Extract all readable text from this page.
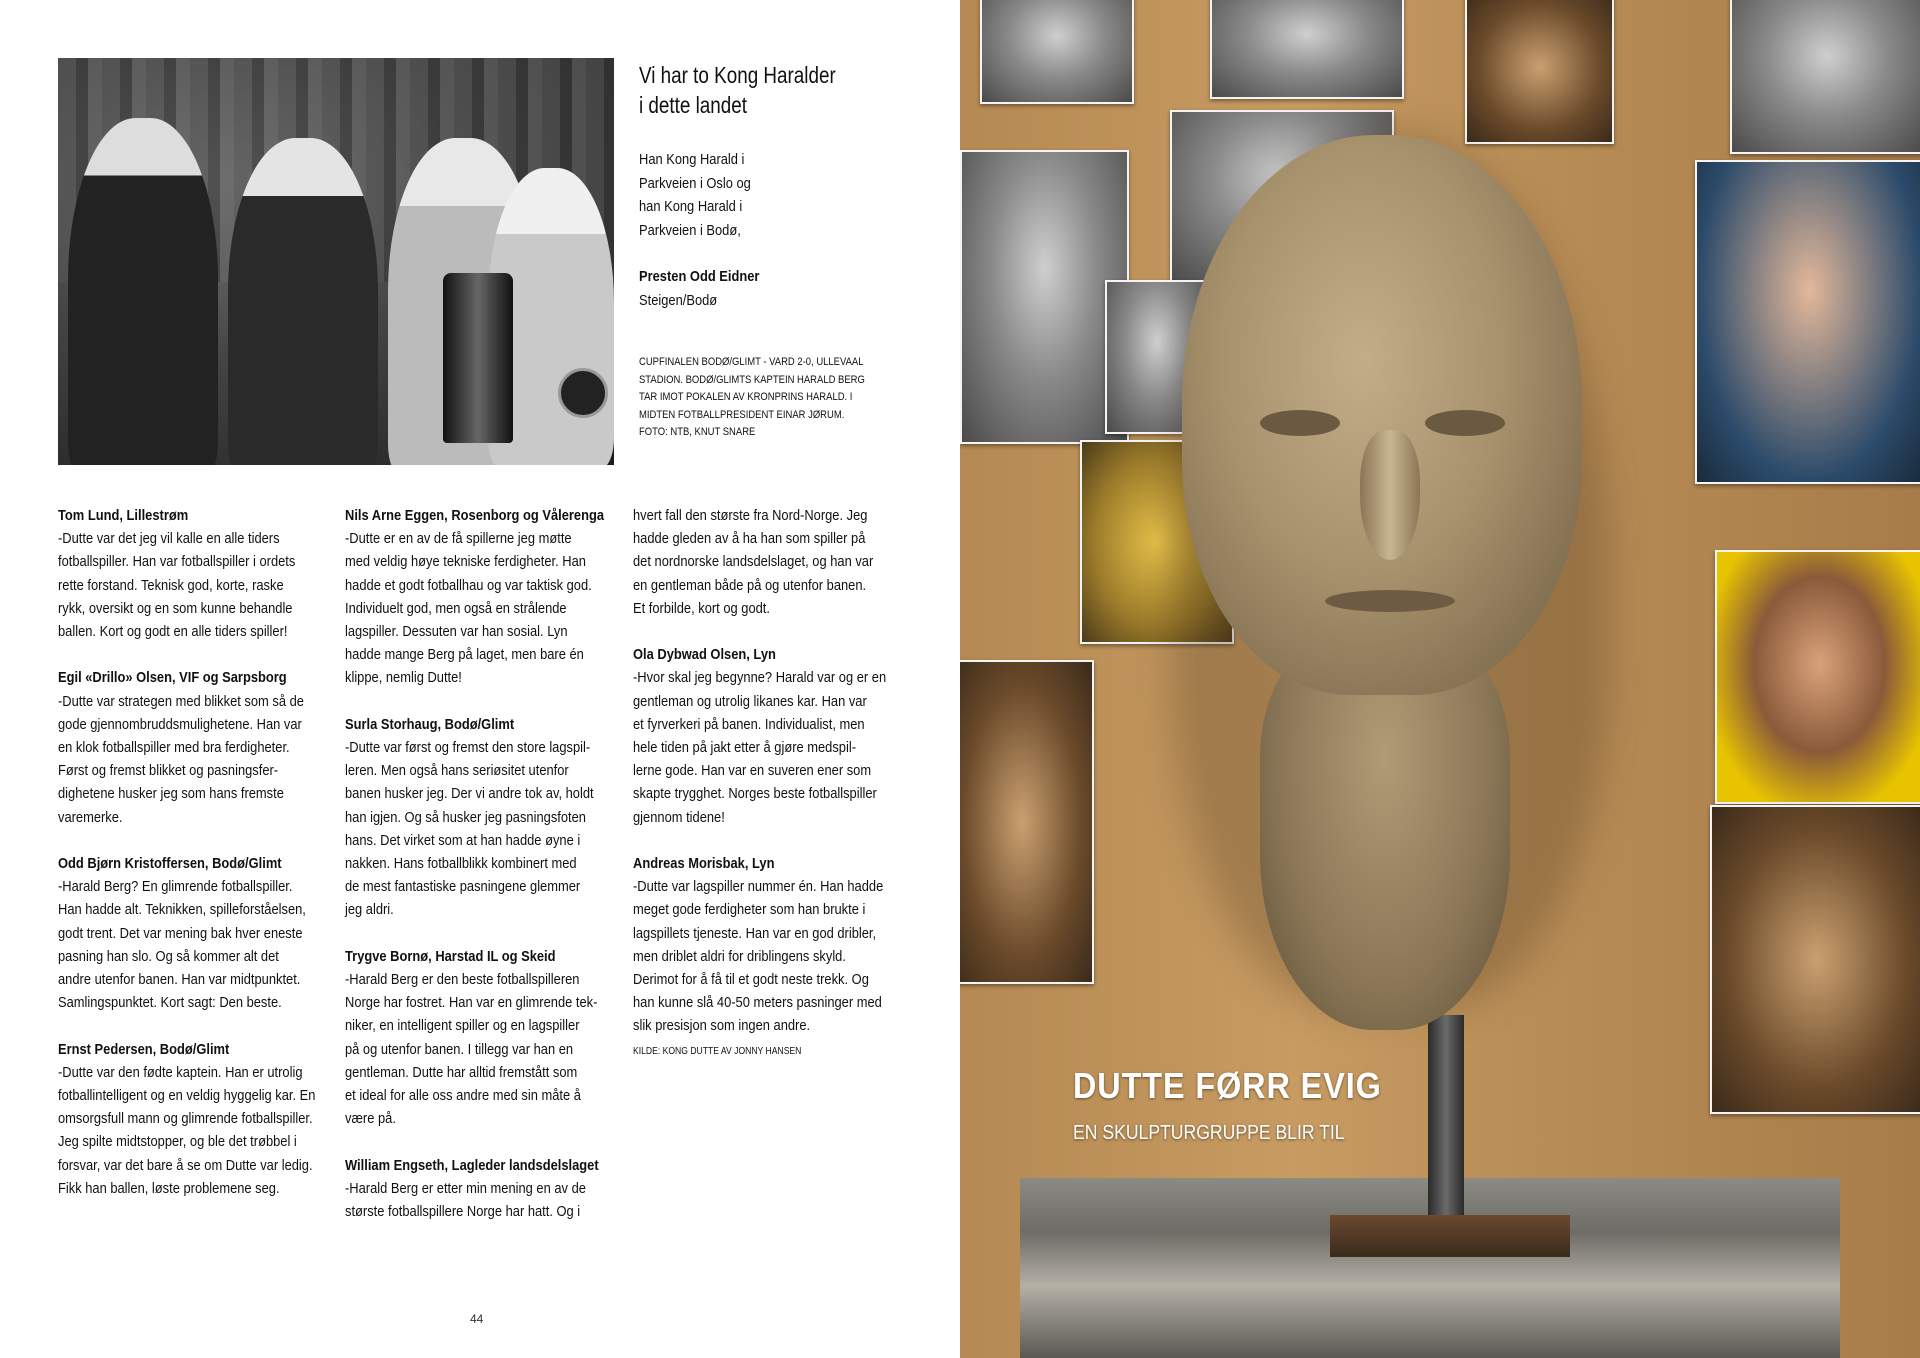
Vi har to Kong Haralder
i dette landet
Han Kong Harald i
Parkveien i Oslo og
han Kong Harald i
Parkveien i Bodø,
Presten Odd Eidner
Steigen/Bodø
CUPFINALEN BODØ/GLIMT - VARD 2-0, ULLEVAAL
STADION. BODØ/GLIMTS KAPTEIN HARALD BERG
TAR IMOT POKALEN AV KRONPRINS HARALD. I
MIDTEN FOTBALLPRESIDENT EINAR JØRUM.
FOTO: NTB, KNUT SNARE
Tom Lund, Lillestrøm
-Dutte var det jeg vil kalle en alle tiders
fotballspiller. Han var fotballspiller i ordets
rette forstand. Teknisk god, korte, raske
rykk, oversikt og en som kunne behandle
ballen. Kort og godt en alle tiders spiller!
Egil «Drillo» Olsen, VIF og Sarpsborg
-Dutte var strategen med blikket som så de
gode gjennombruddsmulighetene. Han var
en klok fotballspiller med bra ferdigheter.
Først og fremst blikket og pasningsfer-
dighetene husker jeg som hans fremste
varemerke.
Odd Bjørn Kristoffersen, Bodø/Glimt
-Harald Berg? En glimrende fotballspiller.
Han hadde alt. Teknikken, spilleforståelsen,
godt trent. Det var mening bak hver eneste
pasning han slo. Og så kommer alt det
andre utenfor banen. Han var midtpunktet.
Samlingspunktet. Kort sagt: Den beste.
Ernst Pedersen, Bodø/Glimt
-Dutte var den fødte kaptein. Han er utrolig
fotballintelligent og en veldig hyggelig kar. En
omsorgsfull mann og glimrende fotballspiller.
Jeg spilte midtstopper, og ble det trøbbel i
forsvar, var det bare å se om Dutte var ledig.
Fikk han ballen, løste problemene seg.
Nils Arne Eggen, Rosenborg og Vålerenga
-Dutte er en av de få spillerne jeg møtte
med veldig høye tekniske ferdigheter. Han
hadde et godt fotballhau og var taktisk god.
Individuelt god, men også en strålende
lagspiller. Dessuten var han sosial. Lyn
hadde mange Berg på laget, men bare én
klippe, nemlig Dutte!
Surla Storhaug, Bodø/Glimt
-Dutte var først og fremst den store lagspil-
leren. Men også hans seriøsitet utenfor
banen husker jeg. Der vi andre tok av, holdt
han igjen. Og så husker jeg pasningsfoten
hans. Det virket som at han hadde øyne i
nakken. Hans fotballblikk kombinert med
de mest fantastiske pasningene glemmer
jeg aldri.
Trygve Bornø, Harstad IL og Skeid
-Harald Berg er den beste fotballspilleren
Norge har fostret. Han var en glimrende tek-
niker, en intelligent spiller og en lagspiller
på og utenfor banen. I tillegg var han en
gentleman. Dutte har alltid fremstått som
et ideal for alle oss andre med sin måte å
være på.
William Engseth, Lagleder landsdelslaget
-Harald Berg er etter min mening en av de
største fotballspillere Norge har hatt. Og i
hvert fall den største fra Nord-Norge. Jeg
hadde gleden av å ha han som spiller på
det nordnorske landsdelslaget, og han var
en gentleman både på og utenfor banen.
Et forbilde, kort og godt.
Ola Dybwad Olsen, Lyn
-Hvor skal jeg begynne? Harald var og er en
gentleman og utrolig likanes kar. Han var
et fyrverkeri på banen. Individualist, men
hele tiden på jakt etter å gjøre medspil-
lerne gode. Han var en suveren ener som
skapte trygghet. Norges beste fotballspiller
gjennom tidene!
Andreas Morisbak, Lyn
-Dutte var lagspiller nummer én. Han hadde
meget gode ferdigheter som han brukte i
lagspillets tjeneste. Han var en god dribler,
men driblet aldri for driblingens skyld.
Derimot for å få til et godt neste trekk. Og
han kunne slå 40-50 meters pasninger med
slik presisjon som ingen andre.
KILDE: KONG DUTTE AV JONNY HANSEN
44
DUTTE FØRR EVIG
EN SKULPTURGRUPPE BLIR TIL
